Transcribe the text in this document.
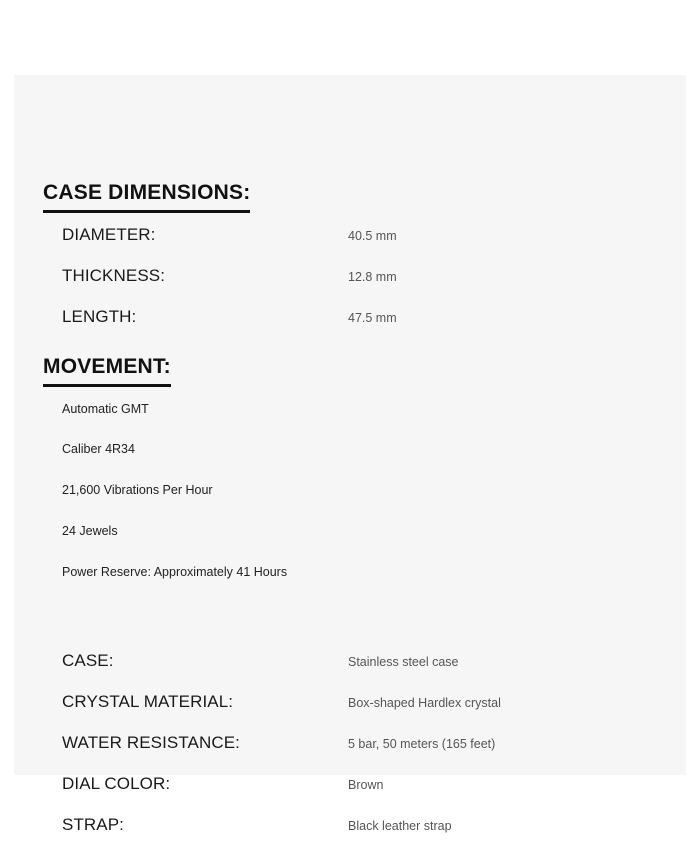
CASE DIMENSIONS:
DIAMETER:	40.5 mm
THICKNESS:	12.8 mm
LENGTH:	47.5 mm
MOVEMENT:
Automatic GMT
Caliber 4R34
21,600 Vibrations Per Hour
24 Jewels
Power Reserve: Approximately 41 Hours
CASE:	Stainless steel case
CRYSTAL MATERIAL:	Box-shaped Hardlex crystal
WATER RESISTANCE:	5 bar, 50 meters (165 feet)
DIAL COLOR:	Brown
STRAP:	Black leather strap
